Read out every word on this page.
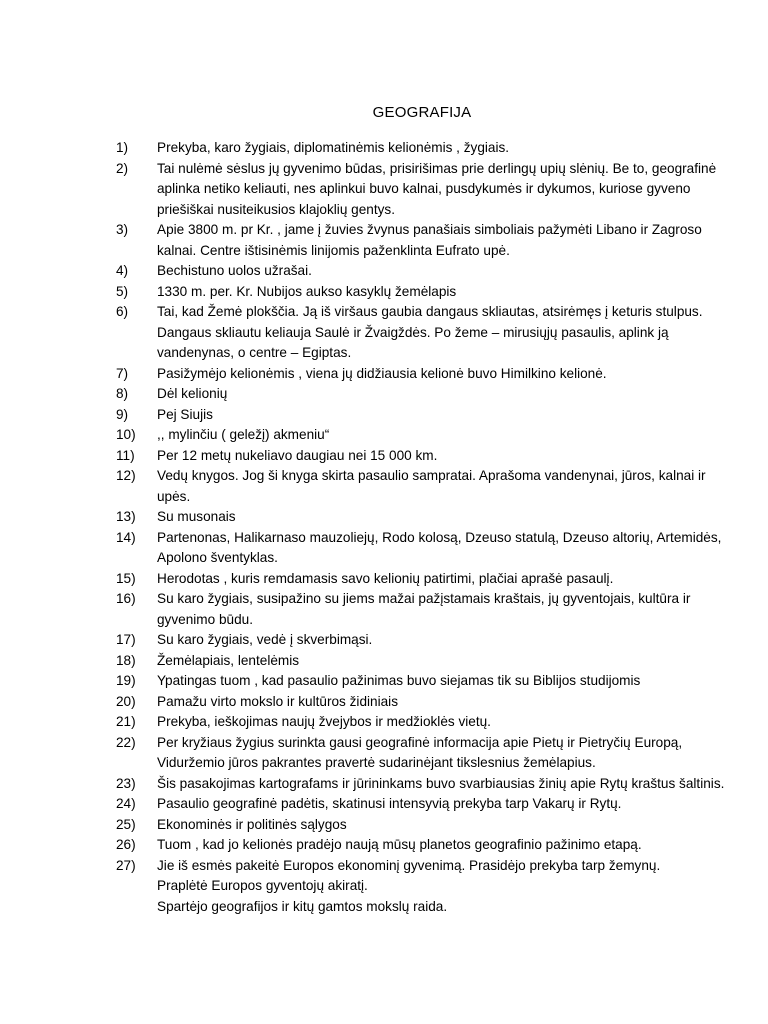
GEOGRAFIJA
1)	Prekyba, karo žygiais, diplomatinėmis kelionėmis , žygiais.
2)	Tai nulėmė sėslus jų gyvenimo būdas, prisirišimas prie derlingų upių slėnių. Be to, geografinė aplinka netiko keliauti, nes aplinkui buvo kalnai, pusdykumės ir dykumos, kuriose gyveno priešiškai nusiteikusios klajoklių gentys.
3)	Apie 3800 m. pr Kr. , jame į žuvies žvynus panašiais simboliais pažymėti Libano ir Zagroso kalnai. Centre ištisinėmis linijomis paženklinta Eufrato upė.
4)	Bechistuno uolos užrašai.
5)	1330 m. per. Kr. Nubijos aukso kasyklų žemėlapis
6)	Tai, kad Žemė plokščia. Ją iš viršaus gaubia dangaus skliautas, atsirėmęs į keturis stulpus. Dangaus skliautu keliauja Saulė ir Žvaigždės. Po žeme – mirusiųjų pasaulis, aplink ją vandenynas, o centre – Egiptas.
7)	Pasižymėjo kelionėmis , viena jų didžiausia kelionė buvo Himilkino kelionė.
8)	Dėl kelionių
9)	Pej Siujis
10)	,, mylinčiu ( geležį) akmeniu“
11)	Per 12 metų nukeliavo daugiau nei 15 000 km.
12)	Vedų knygos. Jog ši knyga skirta pasaulio sampratai. Aprašoma vandenynai, jūros, kalnai ir upės.
13)	Su musonais
14)	Partenonas, Halikarnaso mauzoliejų, Rodo kolosą, Dzeuso statulą, Dzeuso altorių, Artemidės, Apolono šventyklas.
15)	Herodotas , kuris remdamasis savo kelionių patirtimi, plačiai aprašė pasaulį.
16)	Su karo žygiais, susipažino su jiems mažai pažįstamais kraštais, jų gyventojais, kultūra ir gyvenimo būdu.
17)	Su karo žygiais, vedė į skverbimąsi.
18)	Žemėlapiais, lentelėmis
19)	Ypatingas tuom , kad pasaulio pažinimas buvo siejamas tik su Biblijos studijomis
20)	Pamažu virto mokslo ir kultūros židiniais
21)	Prekyba, ieškojimas naujų žvejybos ir medžioklės vietų.
22)	Per kryžiaus žygius surinkta gausi geografinė informacija apie Pietų ir Pietryčių Europą, Viduržemio jūros pakrantes pravertė sudarinėjant tikslesnius žemėlapius.
23)	Šis pasakojimas kartografams ir jūrininkams buvo svarbiausias žinių apie Rytų kraštus šaltinis.
24)	Pasaulio geografinė padėtis, skatinusi intensyvią prekyba tarp Vakarų ir Rytų.
25)	Ekonominės ir politinės sąlygos
26)	Tuom , kad jo kelionės pradėjo naują mūsų planetos geografinio pažinimo etapą.
27)	Jie iš esmės pakeitė Europos ekonominį gyvenimą. Prasidėjo prekyba tarp žemynų.
Praplėtė Europos gyventojų akiratį.
Spartėjo geografijos ir kitų gamtos mokslų raida.
